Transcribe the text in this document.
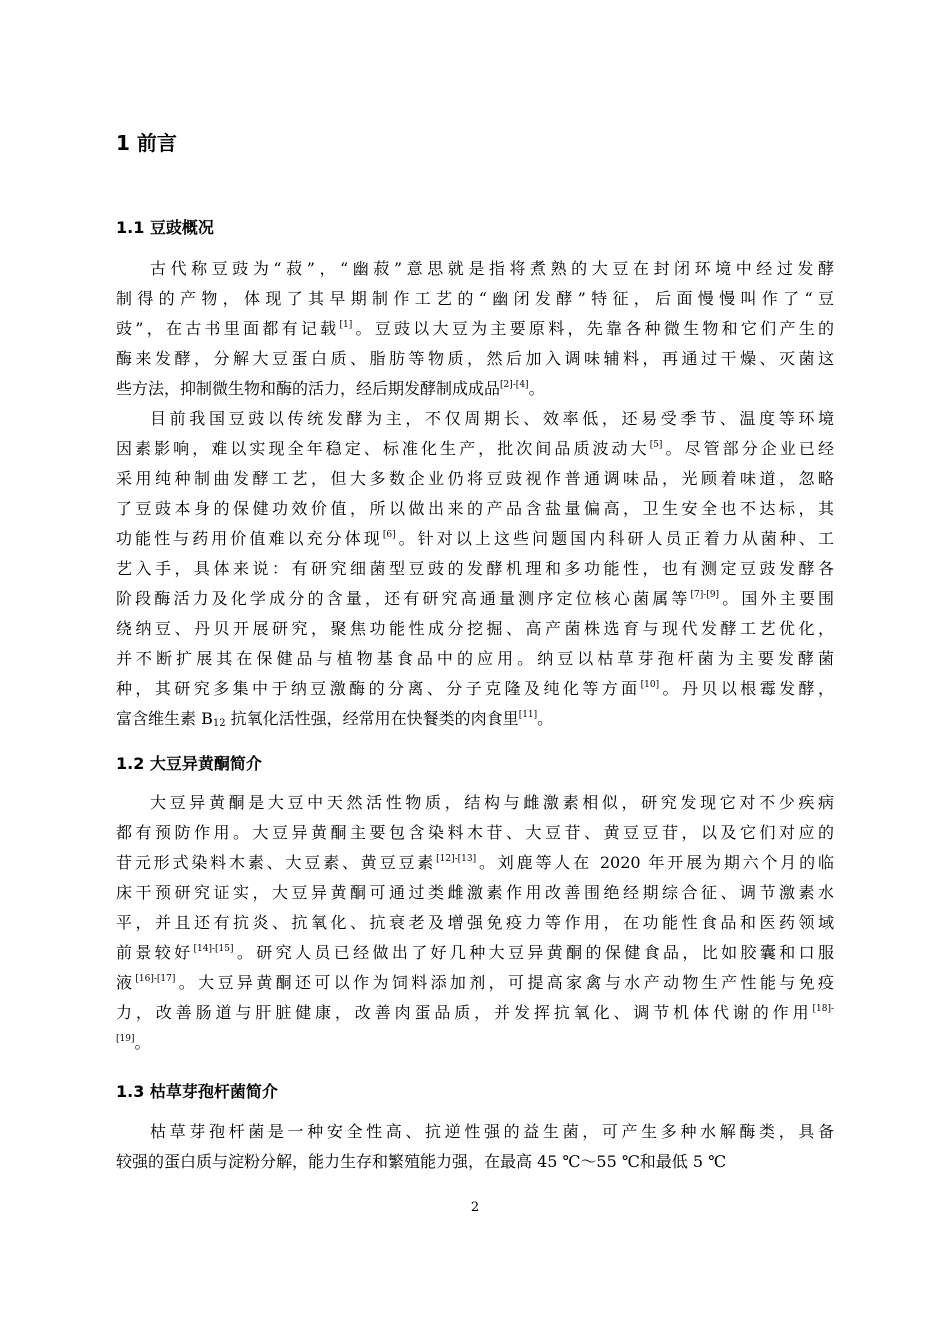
1 前言
1.1 豆豉概况
古代称豆豉为“菽”，“幽菽”意思就是指将煮熟的大豆在封闭环境中经过发酵
制得的产物，体现了其早期制作工艺的“幽闭发酵”特征，后面慢慢叫作了“豆
豉”，在古书里面都有记载[1]。豆豉以大豆为主要原料，先靠各种微生物和它们产生的
酶来发酵，分解大豆蛋白质、脂肪等物质，然后加入调味辅料，再通过干燥、灭菌这
些方法，抑制微生物和酶的活力，经后期发酵制成成品[2]-[4]。
目前我国豆豉以传统发酵为主，不仅周期长、效率低，还易受季节、温度等环境
因素影响，难以实现全年稳定、标准化生产，批次间品质波动大[5]。尽管部分企业已经
采用纯种制曲发酵工艺，但大多数企业仍将豆豉视作普通调味品，光顾着味道，忽略
了豆豉本身的保健功效价值，所以做出来的产品含盐量偏高，卫生安全也不达标，其
功能性与药用价值难以充分体现[6]。针对以上这些问题国内科研人员正着力从菌种、工
艺入手，具体来说：有研究细菌型豆豉的发酵机理和多功能性，也有测定豆豉发酵各
阶段酶活力及化学成分的含量，还有研究高通量测序定位核心菌属等[7]-[9]。国外主要围
绕纳豆、丹贝开展研究，聚焦功能性成分挖掘、高产菌株选育与现代发酵工艺优化，
并不断扩展其在保健品与植物基食品中的应用。纳豆以枯草芽孢杆菌为主要发酵菌
种，其研究多集中于纳豆激酶的分离、分子克隆及纯化等方面[10]。丹贝以根霉发酵，
富含维生素 $B_{12}$ 抗氧化活性强，经常用在快餐类的肉食里[11]。
1.2 大豆异黄酮简介
大豆异黄酮是大豆中天然活性物质，结构与雌激素相似，研究发现它对不少疾病
都有预防作用。大豆异黄酮主要包含染料木苷、大豆苷、黄豆豆苷，以及它们对应的
苷元形式染料木素、大豆素、黄豆豆素[12]-[13]。刘鹿等人在 2020 年开展为期六个月的临
床干预研究证实，大豆异黄酮可通过类雌激素作用改善围绝经期综合征、调节激素水
平，并且还有抗炎、抗氧化、抗衰老及增强免疫力等作用，在功能性食品和医药领域
前景较好[14]-[15]。研究人员已经做出了好几种大豆异黄酮的保健食品，比如胶囊和口服
液[16]-[17]。大豆异黄酮还可以作为饲料添加剂，可提高家禽与水产动物生产性能与免疫
力，改善肠道与肝脏健康，改善肉蛋品质，并发挥抗氧化、调节机体代谢的作用$^{[18]-}$
[19]。
1.3 枯草芽孢杆菌简介
枯草芽孢杆菌是一种安全性高、抗逆性强的益生菌，可产生多种水解酶类，具备
较强的蛋白质与淀粉分解，能力生存和繁殖能力强，在最高 45 ℃～55 ℃和最低 5 ℃
2
